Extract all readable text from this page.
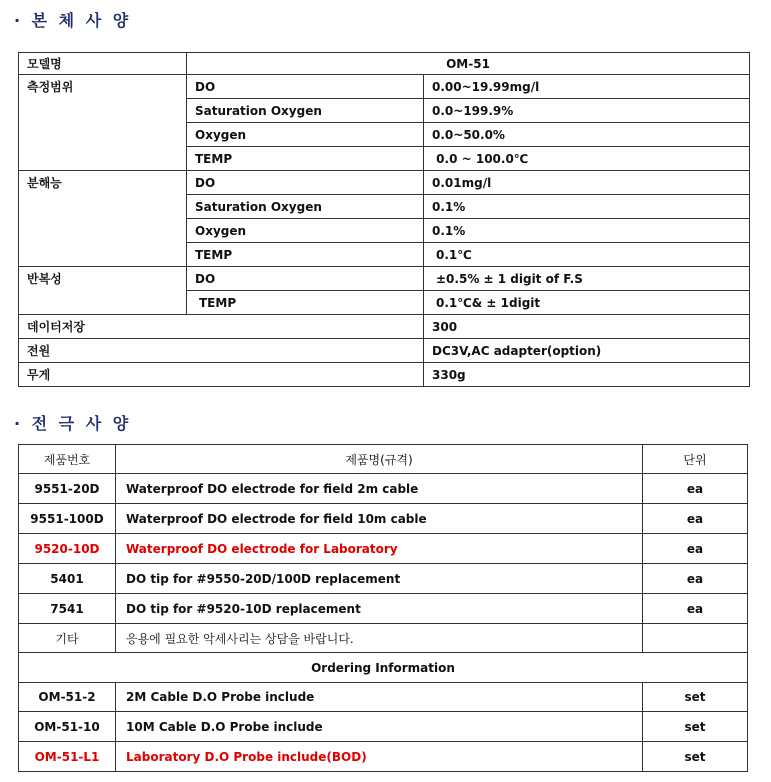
· 본 체 사 양
모델명	OM-51	
측정범위	DO	0.00~19.99mg/l
	Saturation Oxygen	0.0~199.9%
	Oxygen	0.0~50.0%
	TEMP	0.0 ~ 100.0℃
분해능	DO	0.01mg/l
	Saturation Oxygen	0.1%
	Oxygen	0.1%
	TEMP	0.1℃
반복성	DO	±0.5% ± 1 digit of F.S
	TEMP	0.1℃& ± 1digit
데이터저장		300
전원		DC3V,AC adapter(option)
무게		330g
· 전 극 사 양
제품번호	제품명(규격)	단위
9551-20D	Waterproof DO electrode for field 2m cable	ea
9551-100D	Waterproof DO electrode for field 10m cable	ea
9520-10D	Waterproof DO electrode for Laboratory	ea
5401	DO tip for #9550-20D/100D replacement	ea
7541	DO tip for #9520-10D replacement	ea
기타	응용에 필요한 악세사리는 상담을 바랍니다.	
Ordering Information		
OM-51-2	2M Cable D.O Probe include	set
OM-51-10	10M Cable D.O Probe include	set
OM-51-L1	Laboratory D.O Probe include(BOD)	set
